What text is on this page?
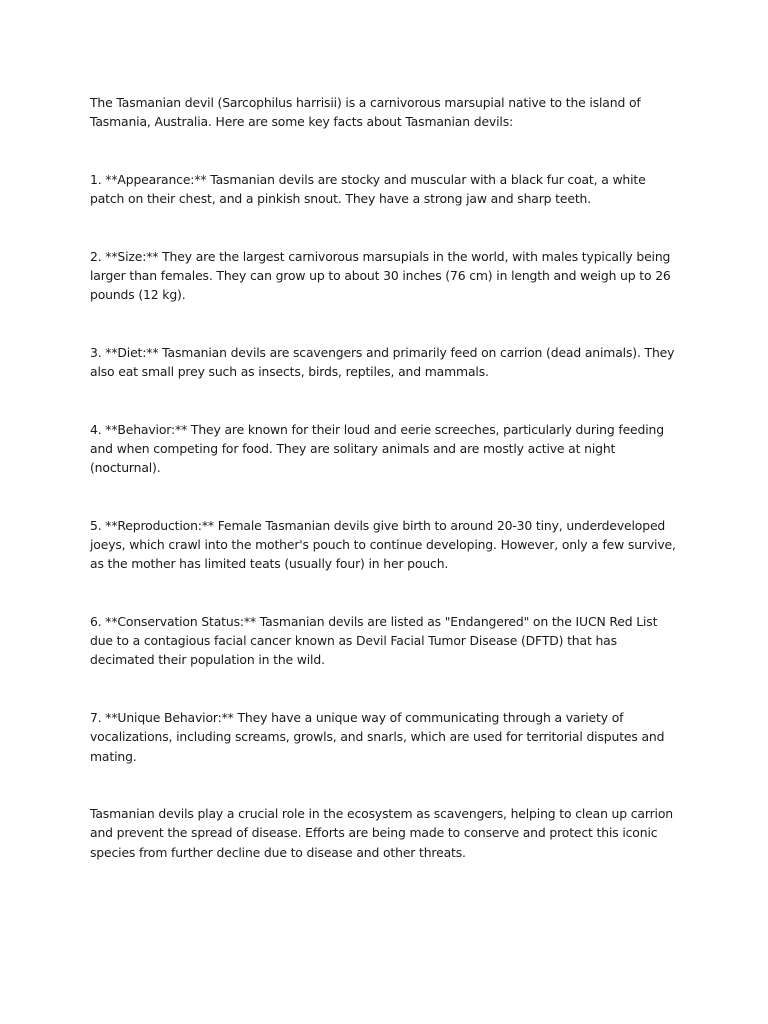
The Tasmanian devil (Sarcophilus harrisii) is a carnivorous marsupial native to the island of Tasmania, Australia. Here are some key facts about Tasmanian devils:

1. **Appearance:** Tasmanian devils are stocky and muscular with a black fur coat, a white patch on their chest, and a pinkish snout. They have a strong jaw and sharp teeth.

2. **Size:** They are the largest carnivorous marsupials in the world, with males typically being larger than females. They can grow up to about 30 inches (76 cm) in length and weigh up to 26 pounds (12 kg).

3. **Diet:** Tasmanian devils are scavengers and primarily feed on carrion (dead animals). They also eat small prey such as insects, birds, reptiles, and mammals.

4. **Behavior:** They are known for their loud and eerie screeches, particularly during feeding and when competing for food. They are solitary animals and are mostly active at night (nocturnal).

5. **Reproduction:** Female Tasmanian devils give birth to around 20-30 tiny, underdeveloped joeys, which crawl into the mother's pouch to continue developing. However, only a few survive, as the mother has limited teats (usually four) in her pouch.

6. **Conservation Status:** Tasmanian devils are listed as "Endangered" on the IUCN Red List due to a contagious facial cancer known as Devil Facial Tumor Disease (DFTD) that has decimated their population in the wild.

7. **Unique Behavior:** They have a unique way of communicating through a variety of vocalizations, including screams, growls, and snarls, which are used for territorial disputes and mating.

Tasmanian devils play a crucial role in the ecosystem as scavengers, helping to clean up carrion and prevent the spread of disease. Efforts are being made to conserve and protect this iconic species from further decline due to disease and other threats.
